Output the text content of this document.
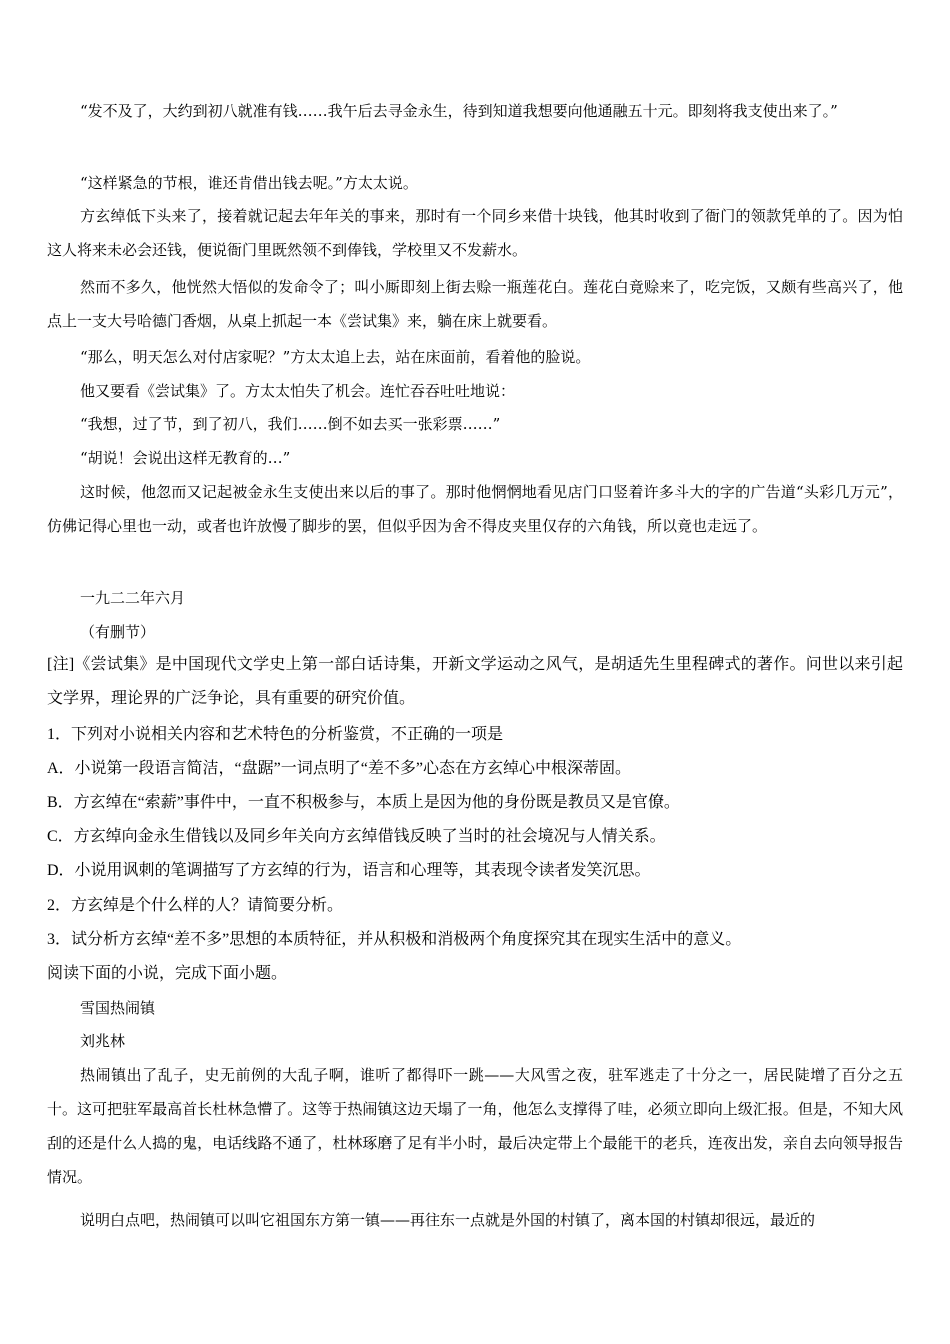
“发不及了，大约到初八就准有钱……我午后去寻金永生，待到知道我想要向他通融五十元。即刻将我支使出来了。”

“这样紧急的节根，谁还肯借出钱去呢。”方太太说。

方玄绰低下头来了，接着就记起去年年关的事来，那时有一个同乡来借十块钱，他其时收到了衙门的领款凭单的了。因为怕这人将来未必会还钱，便说衙门里既然领不到俸钱，学校里又不发薪水。

然而不多久，他恍然大悟似的发命令了；叫小厮即刻上街去赊一瓶莲花白。莲花白竟赊来了，吃完饭，又颇有些高兴了，他点上一支大号哈德门香烟，从桌上抓起一本《尝试集》来，躺在床上就要看。

“那么，明天怎么对付店家呢？”方太太追上去，站在床面前，看着他的脸说。

他又要看《尝试集》了。方太太怕失了机会。连忙吞吞吐吐地说：

“我想，过了节，到了初八，我们……倒不如去买一张彩票……”

“胡说！会说出这样无教育的…”

这时候，他忽而又记起被金永生支使出来以后的事了。那时他惘惘地看见店门口竖着许多斗大的字的广告道“头彩几万元”，仿佛记得心里也一动，或者也许放慢了脚步的罢，但似乎因为舍不得皮夹里仅存的六角钱，所以竟也走远了。

一九二二年六月

（有删节）

[注]《尝试集》是中国现代文学史上第一部白话诗集，开新文学运动之风气，是胡适先生里程碑式的著作。问世以来引起文学界，理论界的广泛争论，具有重要的研究价值。

1．下列对小说相关内容和艺术特色的分析鉴赏，不正确的一项是

A．小说第一段语言简洁，“盘踞”一词点明了“差不多”心态在方玄绰心中根深蒂固。

B．方玄绰在“索薪”事件中，一直不积极参与，本质上是因为他的身份既是教员又是官僚。

C．方玄绰向金永生借钱以及同乡年关向方玄绰借钱反映了当时的社会境况与人情关系。

D．小说用讽刺的笔调描写了方玄绰的行为，语言和心理等，其表现令读者发笑沉思。

2．方玄绰是个什么样的人？请简要分析。

3．试分析方玄绰“差不多”思想的本质特征，并从积极和消极两个角度探究其在现实生活中的意义。

阅读下面的小说，完成下面小题。

雪国热闹镇

刘兆林

热闹镇出了乱子，史无前例的大乱子啊，谁听了都得吓一跳——大风雪之夜，驻军逃走了十分之一，居民陡增了百分之五十。这可把驻军最高首长杜林急懵了。这等于热闹镇这边天塌了一角，他怎么支撑得了哇，必须立即向上级汇报。但是，不知大风刮的还是什么人捣的鬼，电话线路不通了，杜林琢磨了足有半小时，最后决定带上个最能干的老兵，连夜出发，亲自去向领导报告情况。

说明白点吧，热闹镇可以叫它祖国东方第一镇——再往东一点就是外国的村镇了，离本国的村镇却很远，最近的
